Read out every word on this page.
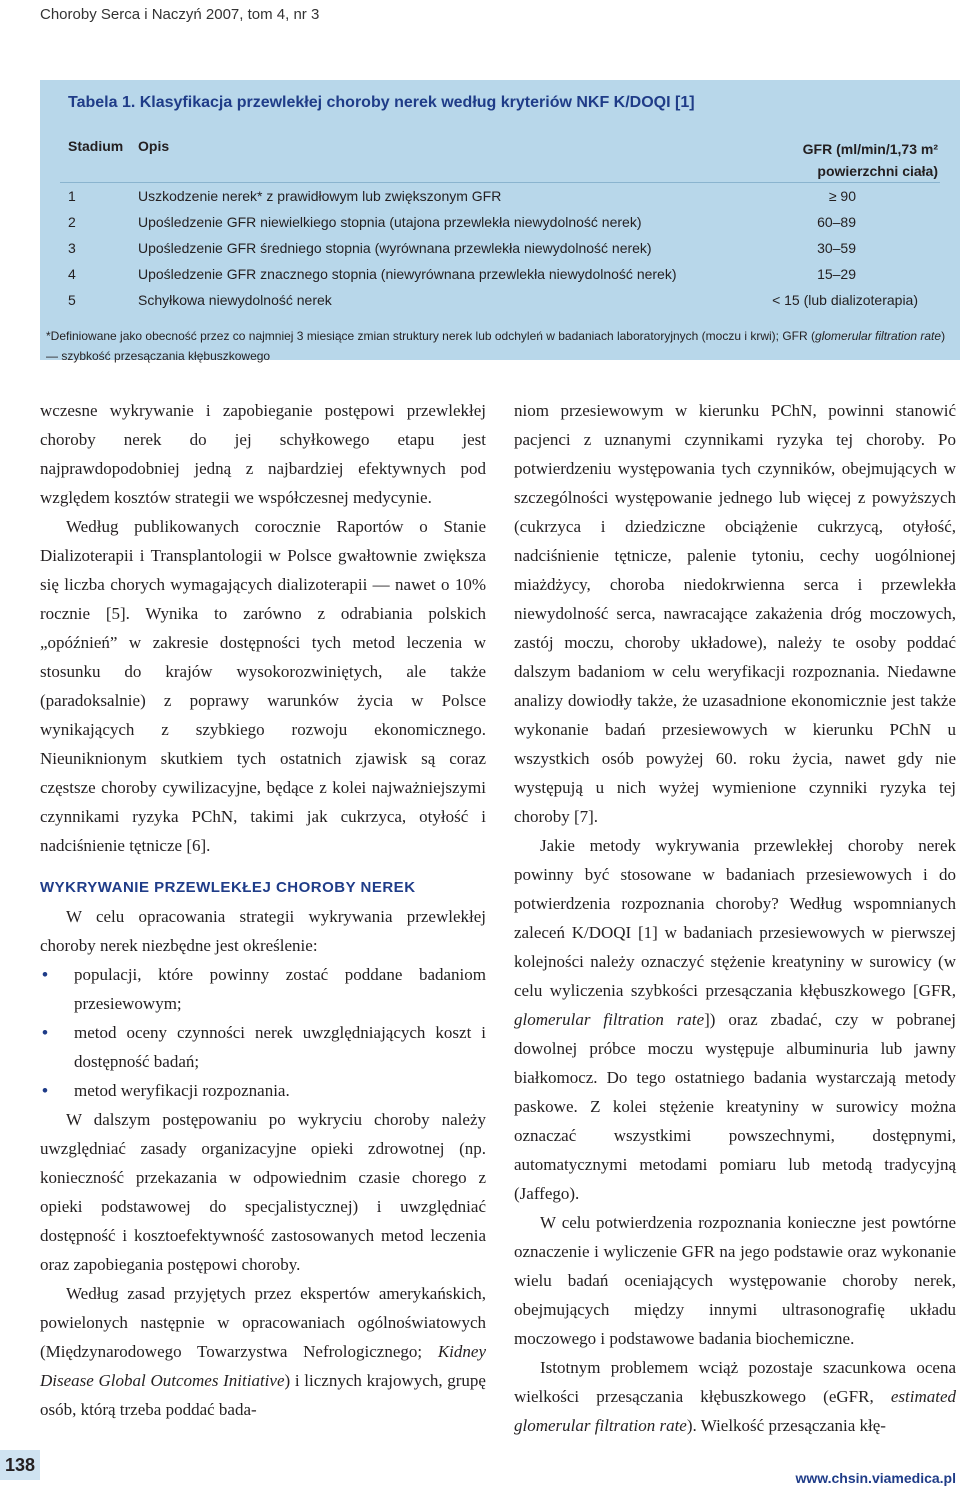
Choroby Serca i Naczyń 2007, tom 4, nr 3
Tabela 1. Klasyfikacja przewlekłej choroby nerek według kryteriów NKF K/DOQI [1]
Stadium Opis	GFR (ml/min/1,73 m²
powierzchni ciała)
1	Uszkodzenie nerek* z prawidłowym lub zwiększonym GFR	≥ 90
2	Upośledzenie GFR niewielkiego stopnia (utajona przewlekła niewydolność nerek)	60–89
3	Upośledzenie GFR średniego stopnia (wyrównana przewlekła niewydolność nerek)	30–59
4	Upośledzenie GFR znacznego stopnia (niewyrównana przewlekła niewydolność nerek)	15–29
5	Schyłkowa niewydolność nerek	< 15 (lub dializoterapia)
*Definiowane jako obecność przez co najmniej 3 miesiące zmian struktury nerek lub odchyleń w badaniach laboratoryjnych (moczu i krwi); GFR (glomerular filtration rate) — szybkość przesączania kłębuszkowego

wczesne wykrywanie i zapobieganie postępowi przewlekłej choroby nerek do jej schyłkowego etapu jest najprawdopodobniej jedną z najbardziej efektywnych pod względem kosztów strategii we współczesnej medycynie.

Według publikowanych corocznie Raportów o Stanie Dializoterapii i Transplantologii w Polsce gwałtownie zwiększa się liczba chorych wymagających dializoterapii — nawet o 10% rocznie [5]. Wynika to zarówno z odrabiania polskich „opóźnień” w zakresie dostępności tych metod leczenia w stosunku do krajów wysokorozwiniętych, ale także (paradoksalnie) z poprawy warunków życia w Polsce wynikających z szybkiego rozwoju ekonomicznego. Nieuniknionym skutkiem tych ostatnich zjawisk są coraz częstsze choroby cywilizacyjne, będące z kolei najważniejszymi czynnikami ryzyka PChN, takimi jak cukrzyca, otyłość i nadciśnienie tętnicze [6].

WYKRYWANIE PRZEWLEKŁEJ CHOROBY NEREK

W celu opracowania strategii wykrywania przewlekłej choroby nerek niezbędne jest określenie:

• populacji, które powinny zostać poddane badaniom przesiewowym;
• metod oceny czynności nerek uwzględniających koszt i dostępność badań;
• metod weryfikacji rozpoznania.

W dalszym postępowaniu po wykryciu choroby należy uwzględniać zasady organizacyjne opieki zdrowotnej (np. konieczność przekazania w odpowiednim czasie chorego z opieki podstawowej do specjalistycznej) i uwzględniać dostępność i kosztoefektywność zastosowanych metod leczenia oraz zapobiegania postępowi choroby.

Według zasad przyjętych przez ekspertów amerykańskich, powielonych następnie w opracowaniach ogólnoświatowych (Międzynarodowego Towarzystwa Nefrologicznego; Kidney Disease Global Outcomes Initiative) i licznych krajowych, grupę osób, którą trzeba poddać bada-

niom przesiewowym w kierunku PChN, powinni stanowić pacjenci z uznanymi czynnikami ryzyka tej choroby. Po potwierdzeniu występowania tych czynników, obejmujących w szczególności występowanie jednego lub więcej z powyższych (cukrzyca i dziedziczne obciążenie cukrzycą, otyłość, nadciśnienie tętnicze, palenie tytoniu, cechy uogólnionej miażdżycy, choroba niedokrwienna serca i przewlekła niewydolność serca, nawracające zakażenia dróg moczowych, zastój moczu, choroby układowe), należy te osoby poddać dalszym badaniom w celu weryfikacji rozpoznania. Niedawne analizy dowiodły także, że uzasadnione ekonomicznie jest także wykonanie badań przesiewowych w kierunku PChN u wszystkich osób powyżej 60. roku życia, nawet gdy nie występują u nich wyżej wymienione czynniki ryzyka tej choroby [7].

Jakie metody wykrywania przewlekłej choroby nerek powinny być stosowane w badaniach przesiewowych i do potwierdzenia rozpoznania choroby? Według wspomnianych zaleceń K/DOQI [1] w badaniach przesiewowych w pierwszej kolejności należy oznaczyć stężenie kreatyniny w surowicy (w celu wyliczenia szybkości przesączania kłębuszkowego [GFR, glomerular filtration rate]) oraz zbadać, czy w pobranej dowolnej próbce moczu występuje albuminuria lub jawny białkomocz. Do tego ostatniego badania wystarczają metody paskowe. Z kolei stężenie kreatyniny w surowicy można oznaczać wszystkimi powszechnymi, dostępnymi, automatycznymi metodami pomiaru lub metodą tradycyjną (Jaffego).

W celu potwierdzenia rozpoznania konieczne jest powtórne oznaczenie i wyliczenie GFR na jego podstawie oraz wykonanie wielu badań oceniających występowanie choroby nerek, obejmujących między innymi ultrasonografię układu moczowego i podstawowe badania biochemiczne.

Istotnym problemem wciąż pozostaje szacunkowa ocena wielkości przesączania kłębuszkowego (eGFR, estimated glomerular filtration rate). Wielkość przesączania kłę-

138
www.chsin.viamedica.pl
